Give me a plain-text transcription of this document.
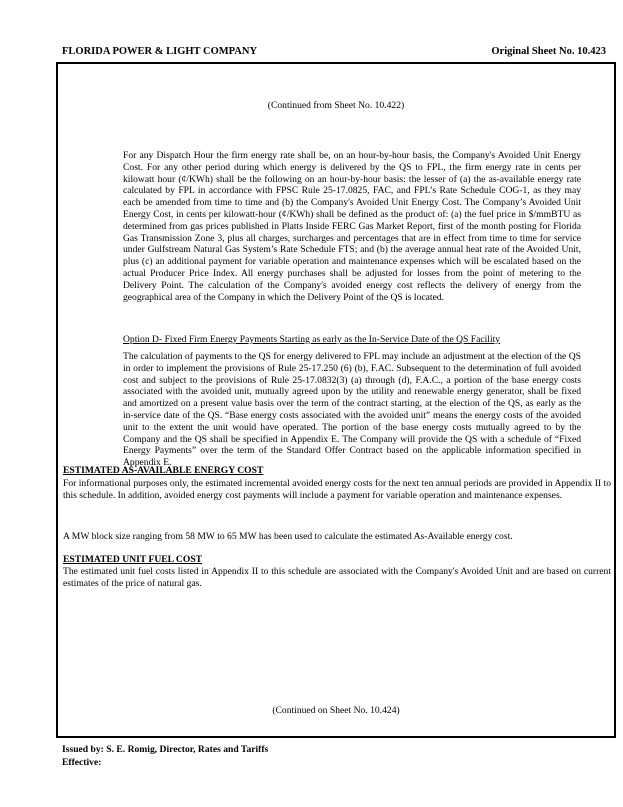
FLORIDA POWER & LIGHT COMPANY	Original Sheet No. 10.423
(Continued from Sheet No. 10.422)

For any Dispatch Hour the firm energy rate shall be, on an hour-by-hour basis, the Company's Avoided Unit Energy Cost. For any other period during which energy is delivered by the QS to FPL, the firm energy rate in cents per kilowatt hour (¢/KWh) shall be the following on an hour-by-hour basis: the lesser of (a) the as-available energy rate calculated by FPL in accordance with FPSC Rule 25-17.0825, FAC, and FPL’s Rate Schedule COG-1, as they may each be amended from time to time and (b) the Company's Avoided Unit Energy Cost. The Company’s Avoided Unit Energy Cost, in cents per kilowatt-hour (¢/KWh) shall be defined as the product of: (a) the fuel price in $/mmBTU as determined from gas prices published in Platts Inside FERC Gas Market Report, first of the month posting for Florida Gas Transmission Zone 3, plus all charges, surcharges and percentages that are in effect from time to time for service under Gulfstream Natural Gas System’s Rate Schedule FTS; and (b) the average annual heat rate of the Avoided Unit, plus (c) an additional payment for variable operation and maintenance expenses which will be escalated based on the actual Producer Price Index. All energy purchases shall be adjusted for losses from the point of metering to the Delivery Point. The calculation of the Company's avoided energy cost reflects the delivery of energy from the geographical area of the Company in which the Delivery Point of the QS is located.

Option D- Fixed Firm Energy Payments Starting as early as the In-Service Date of the QS Facility

The calculation of payments to the QS for energy delivered to FPL may include an adjustment at the election of the QS in order to implement the provisions of Rule 25-17.250 (6) (b), F.AC. Subsequent to the determination of full avoided cost and subject to the provisions of Rule 25-17.0832(3) (a) through (d), F.A.C., a portion of the base energy costs associated with the avoided unit, mutually agreed upon by the utility and renewable energy generator, shall be fixed and amortized on a present value basis over the term of the contract starting, at the election of the QS, as early as the in-service date of the QS. “Base energy costs associated with the avoided unit” means the energy costs of the avoided unit to the extent the unit would have operated. The portion of the base energy costs mutually agreed to by the Company and the QS shall be specified in Appendix E. The Company will provide the QS with a schedule of “Fixed Energy Payments” over the term of the Standard Offer Contract based on the applicable information specified in Appendix E.

ESTIMATED AS-AVAILABLE ENERGY COST

For informational purposes only, the estimated incremental avoided energy costs for the next ten annual periods are provided in Appendix II to this schedule. In addition, avoided energy cost payments will include a payment for variable operation and maintenance expenses.

A MW block size ranging from 58 MW to 65 MW has been used to calculate the estimated As-Available energy cost.

ESTIMATED UNIT FUEL COST

The estimated unit fuel costs listed in Appendix II to this schedule are associated with the Company's Avoided Unit and are based on current estimates of the price of natural gas.

(Continued on Sheet No. 10.424)
Issued by: S. E. Romig, Director, Rates and Tariffs
Effective:
